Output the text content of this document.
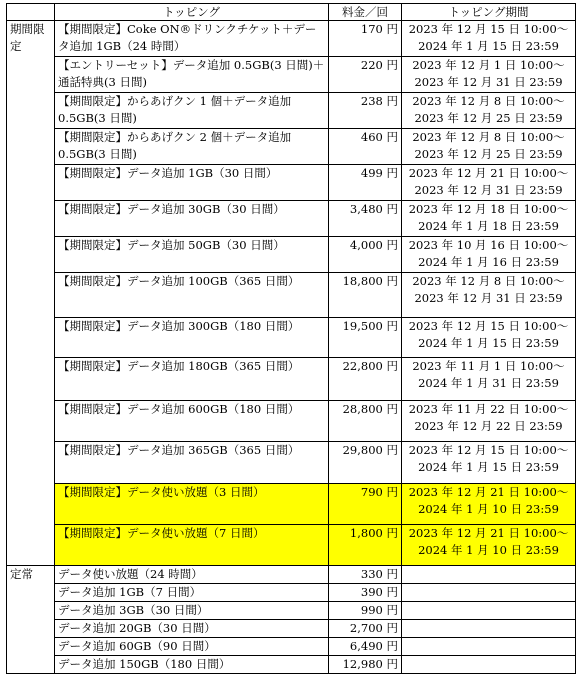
	トッピング	料金／回	トッピング期間
期間限定	【期間限定】Coke ON®ドリンクチケット＋データ追加 1GB（24 時間）	170 円	2023 年 12 月 15 日 10:00～
2024 年 1 月 15 日 23:59

	【エントリーセット】データ追加 0.5GB(3 日間)＋通話特典(3 日間)	220 円	2023 年 12 月 1 日 10:00～
2023 年 12 月 31 日 23:59

	【期間限定】からあげクン 1 個＋データ追加 0.5GB(3 日間)	238 円	2023 年 12 月 8 日 10:00～
2023 年 12 月 25 日 23:59

	【期間限定】からあげクン 2 個＋データ追加 0.5GB(3 日間)	460 円	2023 年 12 月 8 日 10:00～
2023 年 12 月 25 日 23:59

	【期間限定】データ追加 1GB（30 日間）	499 円	2023 年 12 月 21 日 10:00～
2023 年 12 月 31 日 23:59

	【期間限定】データ追加 30GB（30 日間）	3,480 円	2023 年 12 月 18 日 10:00～
2024 年 1 月 18 日 23:59

	【期間限定】データ追加 50GB（30 日間）	4,000 円	2023 年 10 月 16 日 10:00～
2024 年 1 月 16 日 23:59

	【期間限定】データ追加 100GB（365 日間）	18,800 円	2023 年 12 月 8 日 10:00～
2023 年 12 月 31 日 23:59

	【期間限定】データ追加 300GB（180 日間）	19,500 円	2023 年 12 月 15 日 10:00～
2024 年 1 月 15 日 23:59

	【期間限定】データ追加 180GB（365 日間）	22,800 円	2023 年 11 月 1 日 10:00～
2024 年 1 月 31 日 23:59

	【期間限定】データ追加 600GB（180 日間）	28,800 円	2023 年 11 月 22 日 10:00～
2023 年 12 月 22 日 23:59

	【期間限定】データ追加 365GB（365 日間）	29,800 円	2023 年 12 月 15 日 10:00～
2024 年 1 月 15 日 23:59

	【期間限定】データ使い放題（3 日間）	790 円	2023 年 12 月 21 日 10:00～
2024 年 1 月 10 日 23:59

	【期間限定】データ使い放題（7 日間）	1,800 円	2023 年 12 月 21 日 10:00～
2024 年 1 月 10 日 23:59

定常	データ使い放題（24 時間）	330 円	
	データ追加 1GB（7 日間）	390 円	
	データ追加 3GB（30 日間）	990 円	
	データ追加 20GB（30 日間）	2,700 円	
	データ追加 60GB（90 日間）	6,490 円	
	データ追加 150GB（180 日間）	12,980 円	
